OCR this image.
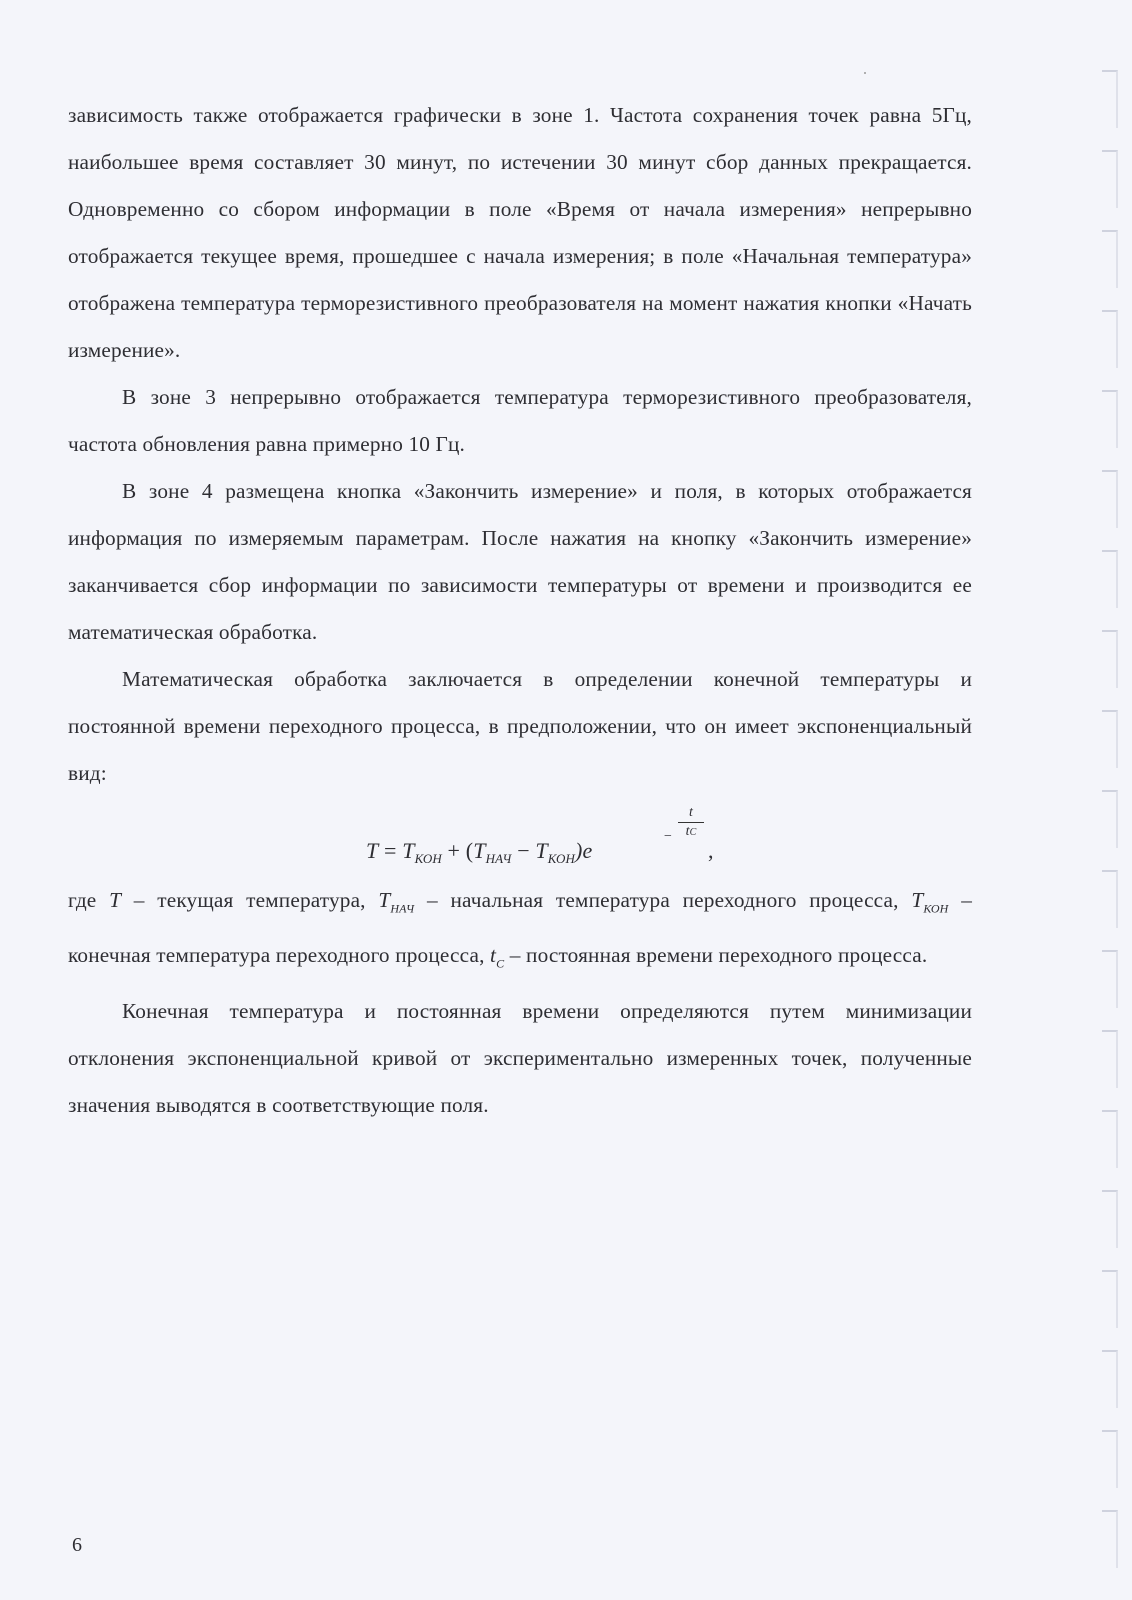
зависимость также отображается графически в зоне 1. Частота сохранения точек равна 5Гц, наибольшее время составляет 30 минут, по истечении 30 минут сбор данных прекращается. Одновременно со сбором информации в поле «Время от начала измерения» непрерывно отображается текущее время, прошедшее с начала измерения; в поле «Начальная температура» отображена температура терморезистивного преобразователя на момент нажатия кнопки «Начать измерение».

В зоне 3 непрерывно отображается температура терморезистивного преобразователя, частота обновления равна примерно 10 Гц.

В зоне 4 размещена кнопка «Закончить измерение» и поля, в которых отображается информация по измеряемым параметрам. После нажатия на кнопку «Закончить измерение» заканчивается сбор информации по зависимости температуры от времени и производится ее математическая обработка.

Математическая обработка заключается в определении конечной температуры и постоянной времени переходного процесса, в предположении, что он имеет экспоненциальный вид:

$T = T_{КОН} + (T_{НАЧ} - T_{КОН})e$
−
t
tC
,

где T – текущая температура, $T_{НАЧ}$ – начальная температура переходного процесса, $T_{КОН}$ – конечная температура переходного процесса, $t_C$ – постоянная времени переходного процесса.

Конечная температура и постоянная времени определяются путем минимизации отклонения экспоненциальной кривой от экспериментально измеренных точек, полученные значения выводятся в соответствующие поля.

6
